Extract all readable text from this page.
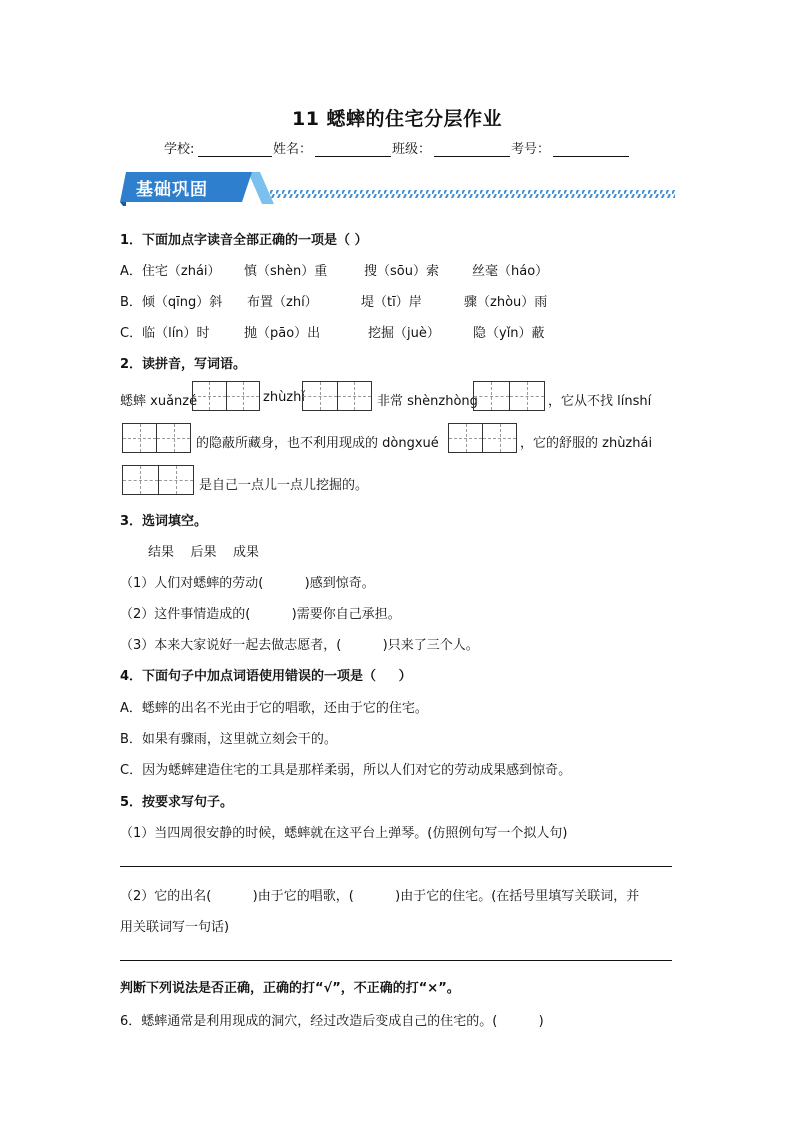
11 蟋蟀的住宅分层作业
学校:	姓名：	班级：	考号：
基础巩固
1．下面加点字读音全部正确的一项是（ ）
A．住宅（zhái） 慎（shèn）重	搜（sōu）索	丝毫（háo）
B．倾（qīng）斜 布置（zhí）	堤（tī）岸	骤（zhòu）雨
C．临（lín）时	抛（pāo）出	挖掘（juè）	隐（yǐn）蔽
2．读拼音，写词语。
蟋蟀 xuǎnzé	zhùzhǐ	非常 shènzhòng	，它从不找 línshí
的隐蔽所藏身，也不利用现成的 dòngxué	，它的舒服的 zhùzhái
是自己一点儿一点儿挖掘的。
3．选词填空。
结果    后果    成果
（1）人们对蟋蟀的劳动(          )感到惊奇。
（2）这件事情造成的(          )需要你自己承担。
（3）本来大家说好一起去做志愿者，(          )只来了三个人。
4．下面句子中加点词语使用错误的一项是（     ）
A．蟋蟀的出名不光由于它的唱歌，还由于它的住宅。
B．如果有骤雨，这里就立刻会干的。
C．因为蟋蟀建造住宅的工具是那样柔弱，所以人们对它的劳动成果感到惊奇。
5．按要求写句子。
（1）当四周很安静的时候，蟋蟀就在这平台上弹琴。(仿照例句写一个拟人句)
（2）它的出名(          )由于它的唱歌，(          )由于它的住宅。(在括号里填写关联词，并
用关联词写一句话)
判断下列说法是否正确，正确的打“√”，不正确的打“×”。
6．蟋蟀通常是利用现成的洞穴，经过改造后变成自己的住宅的。(          )
